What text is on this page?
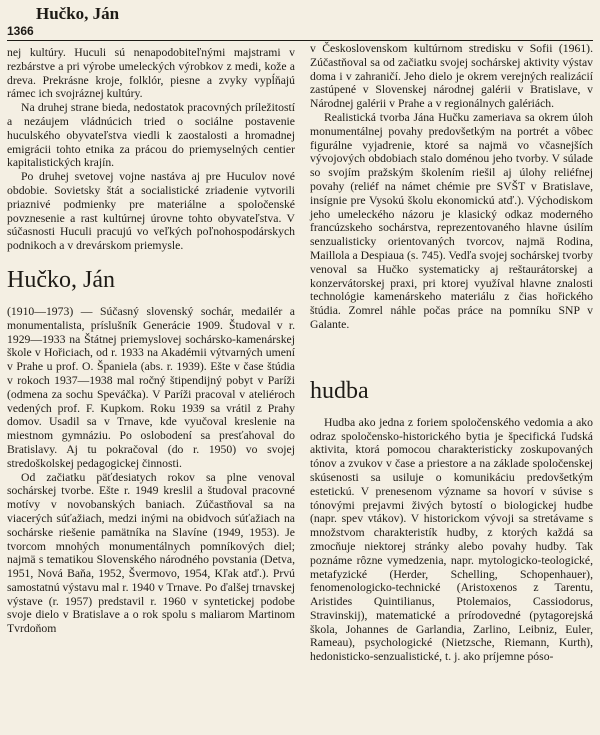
Hučko, Ján
1366

nej kultúry. Huculi sú nenapodobiteľnými majstrami v rezbárstve a pri výrobe umeleckých výrobkov z medi, kože a dreva. Prekrásne kroje, folklór, piesne a zvyky vypĺňajú rámec ich svojráznej kultúry.

Na druhej strane bieda, nedostatok pracovných príležitostí a nezáujem vládnúcich tried o sociálne postavenie huculského obyvateľstva viedli k zaostalosti a hromadnej emigrácii tohto etnika za prácou do priemyselných centier kapitalistických krajín.

Po druhej svetovej vojne nastáva aj pre Huculov nové obdobie. Sovietsky štát a socialistické zriadenie vytvorili priaznivé podmienky pre materiálne a spoločenské povznesenie a rast kultúrnej úrovne tohto obyvateľstva. V súčasnosti Huculi pracujú vo veľkých poľnohospodárskych podnikoch a v drevárskom priemysle.

Hučko, Ján

(1910—1973) — Súčasný slovenský sochár, medailér a monumentalista, príslušník Generácie 1909. Študoval v r. 1929—1933 na Štátnej priemyslovej sochársko-kamenárskej škole v Hořiciach, od r. 1933 na Akadémii výtvarných umení v Prahe u prof. O. Španiela (abs. r. 1939). Ešte v čase štúdia v rokoch 1937—1938 mal ročný štipendijný pobyt v Paríži (odmena za sochu Speváčka). V Paríži pracoval v ateliéroch vedených prof. F. Kupkom. Roku 1939 sa vrátil z Prahy domov. Usadil sa v Trnave, kde vyučoval kreslenie na miestnom gymnáziu. Po oslobodení sa presťahoval do Bratislavy. Aj tu pokračoval (do r. 1950) vo svojej stredoškolskej pedagogickej činnosti.

Od začiatku päťdesiatych rokov sa plne venoval sochárskej tvorbe. Ešte r. 1949 kreslil a študoval pracovné motívy v novobanských baniach. Zúčastňoval sa na viacerých súťažiach, medzi inými na obidvoch súťažiach na sochárske riešenie pamätníka na Slavíne (1949, 1953). Je tvorcom mnohých monumentálnych pomníkových diel; najmä s tematikou Slovenského národného povstania (Detva, 1951, Nová Baňa, 1952, Švermovo, 1954, Kľak atď.). Prvú samostatnú výstavu mal r. 1940 v Trnave. Po ďalšej trnavskej výstave (r. 1957) predstavil r. 1960 v syntetickej podobe svoje dielo v Bratislave a o rok spolu s maliarom Martinom Tvrdoňom

v Československom kultúrnom stredisku v Sofii (1961). Zúčastňoval sa od začiatku svojej sochárskej aktivity výstav doma i v zahraničí. Jeho dielo je okrem verejných realizácií zastúpené v Slovenskej národnej galérii v Bratislave, v Národnej galérii v Prahe a v regionálnych galériách.

Realistická tvorba Jána Hučku zameriava sa okrem úloh monumentálnej povahy predovšetkým na portrét a vôbec figurálne vyjadrenie, ktoré sa najmä vo včasnejších vývojových obdobiach stalo doménou jeho tvorby. V súlade so svojím pražským školením riešil aj úlohy reliéfnej povahy (reliéf na námet chémie pre SVŠT v Bratislave, insígnie pre Vysokú školu ekonomickú atď.). Východiskom jeho umeleckého názoru je klasický odkaz moderného francúzskeho sochárstva, reprezentovaného hlavne úsilím senzualisticky orientovaných tvorcov, najmä Rodina, Maillola a Despiaua (s. 745). Vedľa svojej sochárskej tvorby venoval sa Hučko systematicky aj reštaurátorskej a konzervátorskej praxi, pri ktorej využíval hlavne znalosti technológie kamenárskeho materiálu z čias hořického štúdia. Zomrel náhle počas práce na pomníku SNP v Galante.

hudba

Hudba ako jedna z foriem spoločenského vedomia a ako odraz spoločensko-historického bytia je špecifická ľudská aktivita, ktorá pomocou charakteristicky zoskupovaných tónov a zvukov v čase a priestore a na základe spoločenskej skúsenosti sa usiluje o komunikáciu predovšetkým estetickú. V prenesenom význame sa hovorí v súvise s tónovými prejavmi živých bytostí o biologickej hudbe (napr. spev vtákov). V historickom vývoji sa stretávame s množstvom charakteristík hudby, z ktorých každá sa zmocňuje niektorej stránky alebo povahy hudby. Tak poznáme rôzne vymedzenia, napr. mytologicko-teologické, metafyzické (Herder, Schelling, Schopenhauer), fenomenologicko-technické (Aristoxenos z Tarentu, Aristides Quintilianus, Ptolemaios, Cassiodorus, Stravinskij), matematické a prírodovedné (pytagorejská škola, Johannes de Garlandia, Zarlino, Leibniz, Euler, Rameau), psychologické (Nietzsche, Riemann, Kurth), hedonisticko-senzualistické, t. j. ako príjemne póso-
